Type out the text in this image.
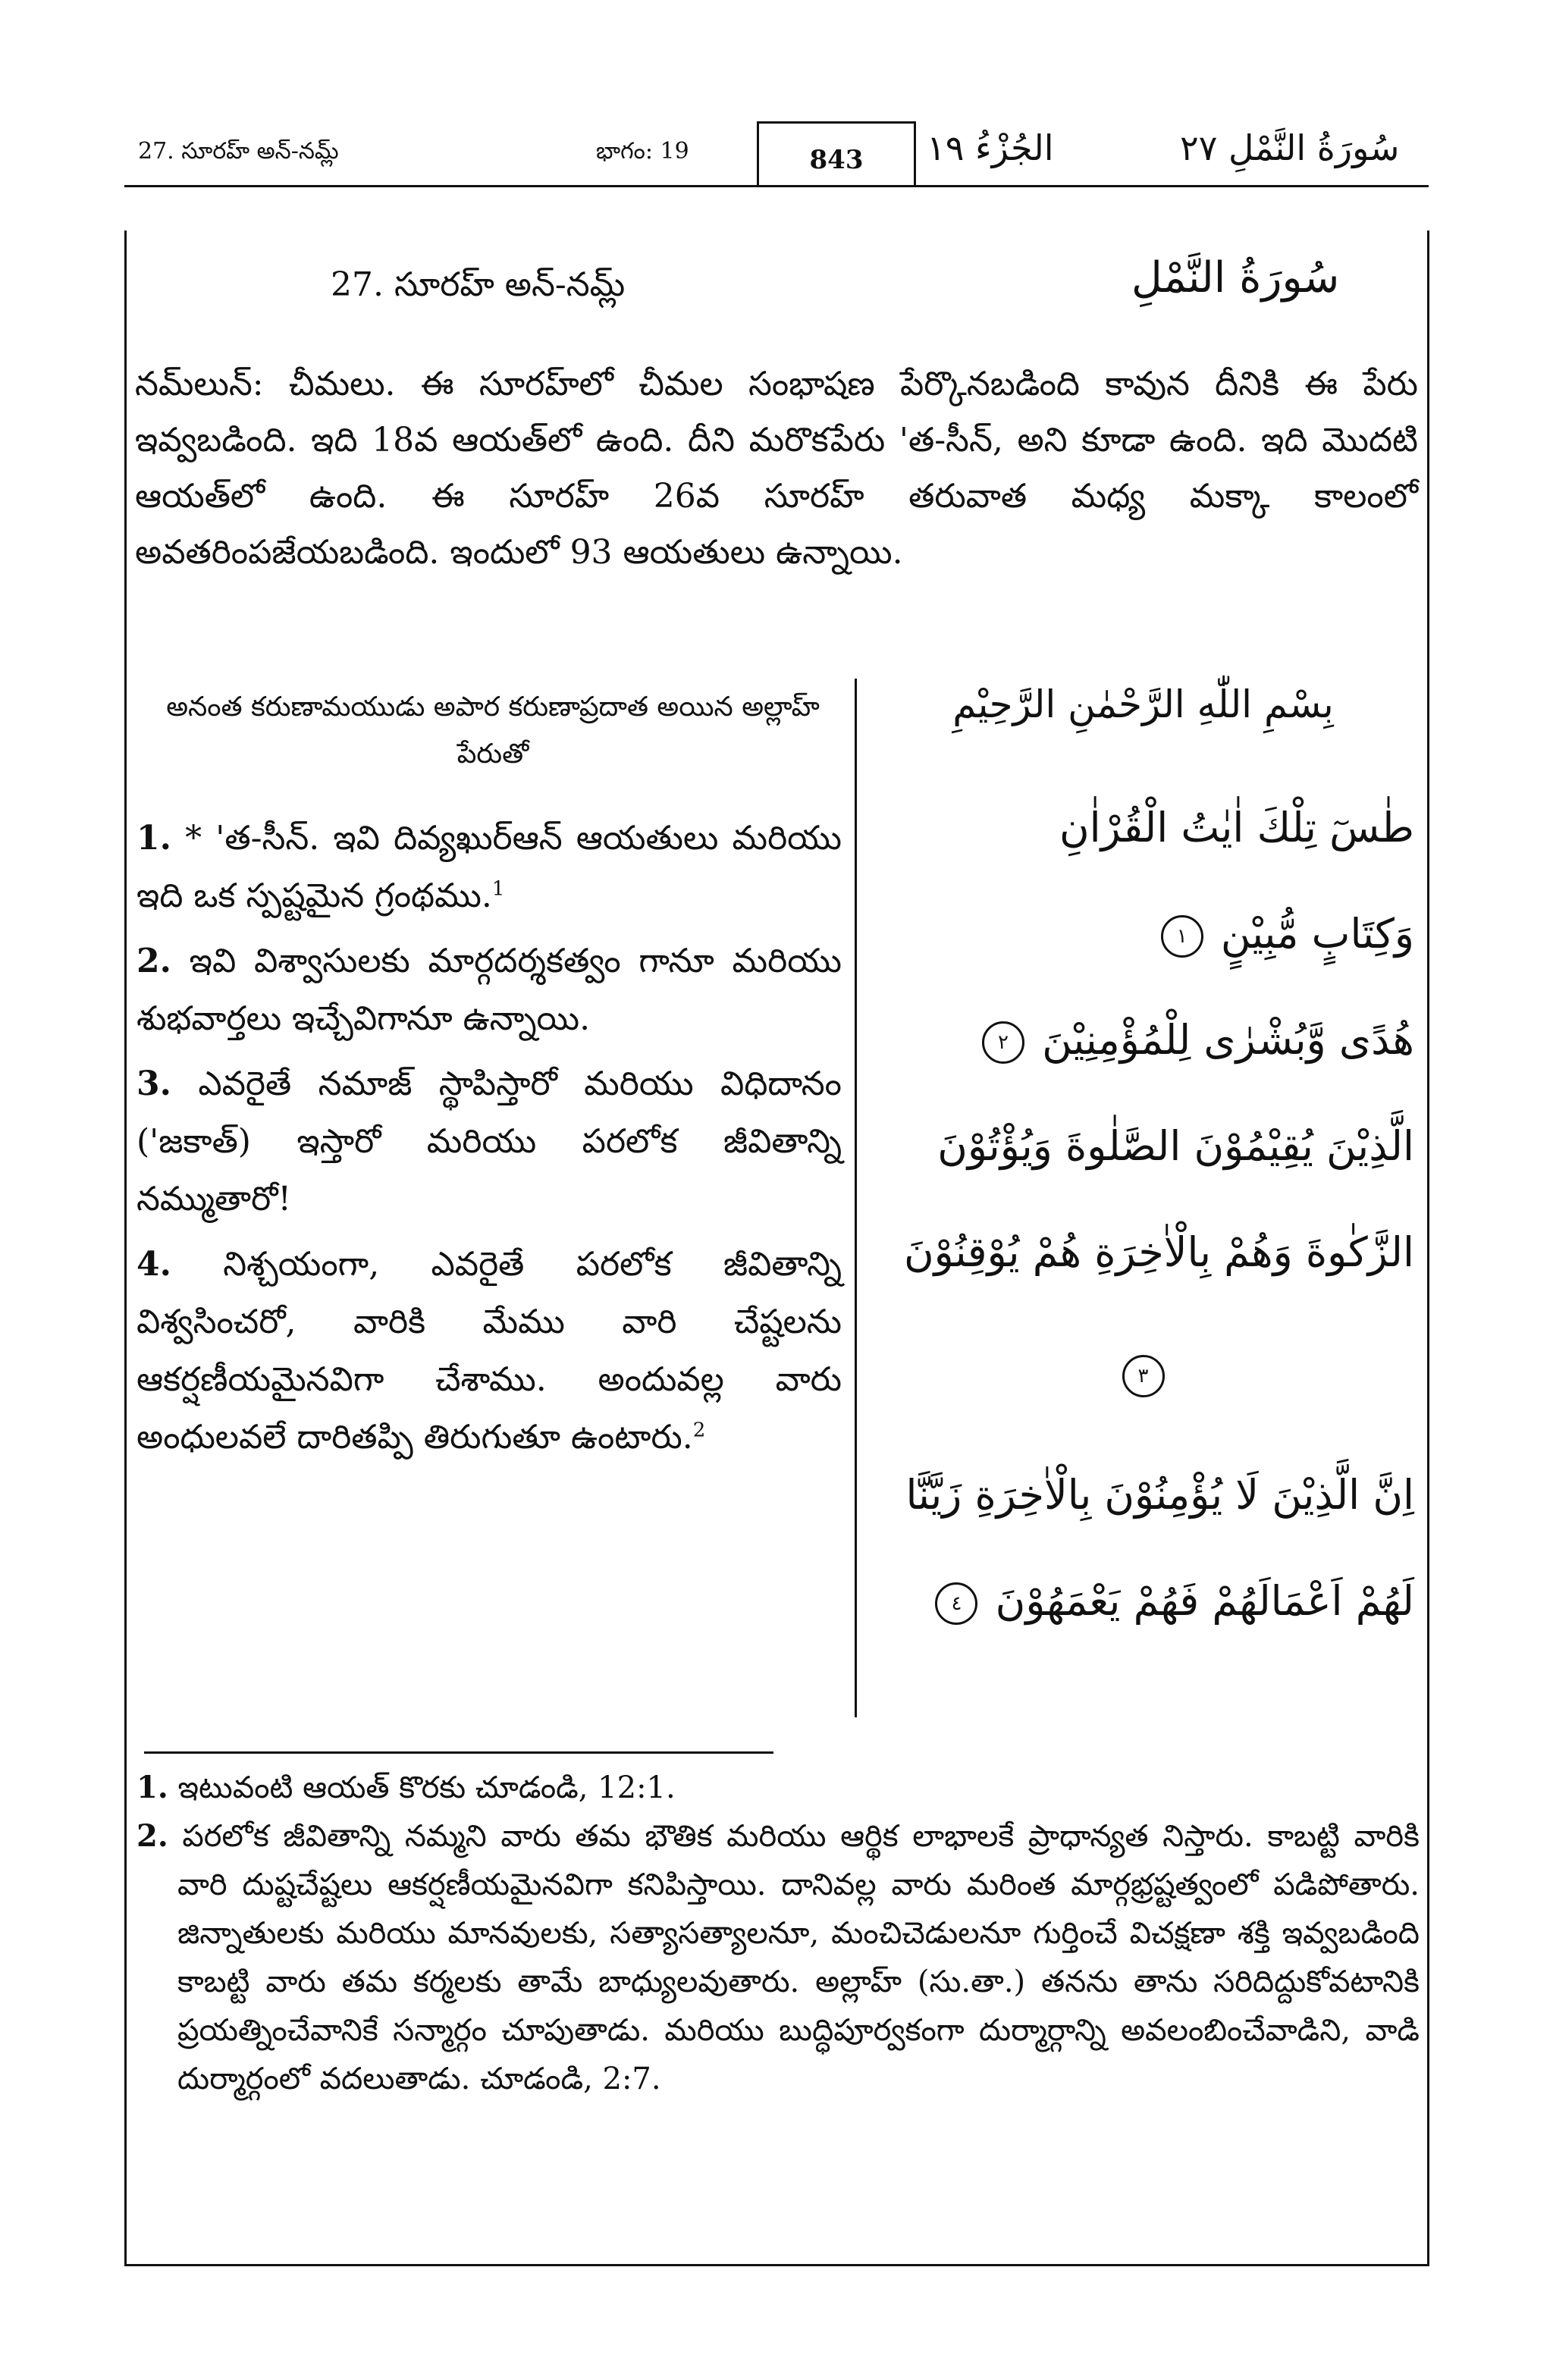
27. సూరహ్ అన్-నమ్ల్	భాగం: 19	843	الجُزْءُ ١٩	سُورَةُ النَّمْلِ ٢٧
27. సూరహ్ అన్-నమ్ల్	سُورَةُ النَّمْلِ
నమ్‌లున్: చీమలు. ఈ సూరహ్‌లో చీమల సంభాషణ పేర్కొనబడింది కావున దీనికి ఈ పేరు ఇవ్వబడింది. ఇది 18వ ఆయత్‌లో ఉంది. దీని మరొకపేరు 'త-సీన్, అని కూడా ఉంది. ఇది మొదటి ఆయత్‌లో ఉంది. ఈ సూరహ్ 26వ సూరహ్ తరువాత మధ్య మక్కా కాలంలో అవతరింపజేయబడింది. ఇందులో 93 ఆయతులు ఉన్నాయి.
అనంత కరుణామయుడు అపార కరుణాప్రదాత అయిన అల్లాహ్ పేరుతో

1. * 'త-సీన్. ఇవి దివ్యఖుర్‌ఆన్ ఆయతులు మరియు ఇది ఒక స్పష్టమైన గ్రంథము.$^1$

2. ఇవి విశ్వాసులకు మార్గదర్శకత్వం గానూ మరియు శుభవార్తలు ఇచ్చేవిగానూ ఉన్నాయి.

3. ఎవరైతే నమాజ్ స్థాపిస్తారో మరియు విధిదానం ('జకాత్) ఇస్తారో మరియు పరలోక జీవితాన్ని నమ్ముతారో!

4. నిశ్చయంగా, ఎవరైతే పరలోక జీవితాన్ని విశ్వసించరో, వారికి మేము వారి చేష్టలను ఆకర్షణీయమైనవిగా చేశాము. అందువల్ల వారు అంధులవలే దారితప్పి తిరుగుతూ ఉంటారు.$^2$

بِسْمِ اللّٰهِ الرَّحْمٰنِ الرَّحِيْمِ
طٰسٓ تِلْكَ اٰيٰتُ الْقُرْاٰنِ
وَكِتَابٍ مُّبِيْنٍ ١
هُدًى وَّبُشْرٰى لِلْمُؤْمِنِيْنَ ٢
الَّذِيْنَ يُقِيْمُوْنَ الصَّلٰوةَ وَيُؤْتُوْنَ
الزَّكٰوةَ وَهُمْ بِالْاٰخِرَةِ هُمْ يُوْقِنُوْنَ
٣
اِنَّ الَّذِيْنَ لَا يُؤْمِنُوْنَ بِالْاٰخِرَةِ زَيَّنَّا
لَهُمْ اَعْمَالَهُمْ فَهُمْ يَعْمَهُوْنَ ٤

1. ఇటువంటి ఆయత్ కొరకు చూడండి, 12:1.

2. పరలోక జీవితాన్ని నమ్మని వారు తమ భౌతిక మరియు ఆర్థిక లాభాలకే ప్రాధాన్యత నిస్తారు. కాబట్టి వారికి వారి దుష్టచేష్టలు ఆకర్షణీయమైనవిగా కనిపిస్తాయి. దానివల్ల వారు మరింత మార్గభ్రష్టత్వంలో పడిపోతారు. జిన్నాతులకు మరియు మానవులకు, సత్యాసత్యాలనూ, మంచిచెడులనూ గుర్తించే విచక్షణా శక్తి ఇవ్వబడింది కాబట్టి వారు తమ కర్మలకు తామే బాధ్యులవుతారు. అల్లాహ్ (సు.తా.) తనను తాను సరిదిద్దుకోవటానికి ప్రయత్నించేవానికే సన్మార్గం చూపుతాడు. మరియు బుద్ధిపూర్వకంగా దుర్మార్గాన్ని అవలంబించేవాడిని, వాడి దుర్మార్గంలో వదలుతాడు. చూడండి, 2:7.
